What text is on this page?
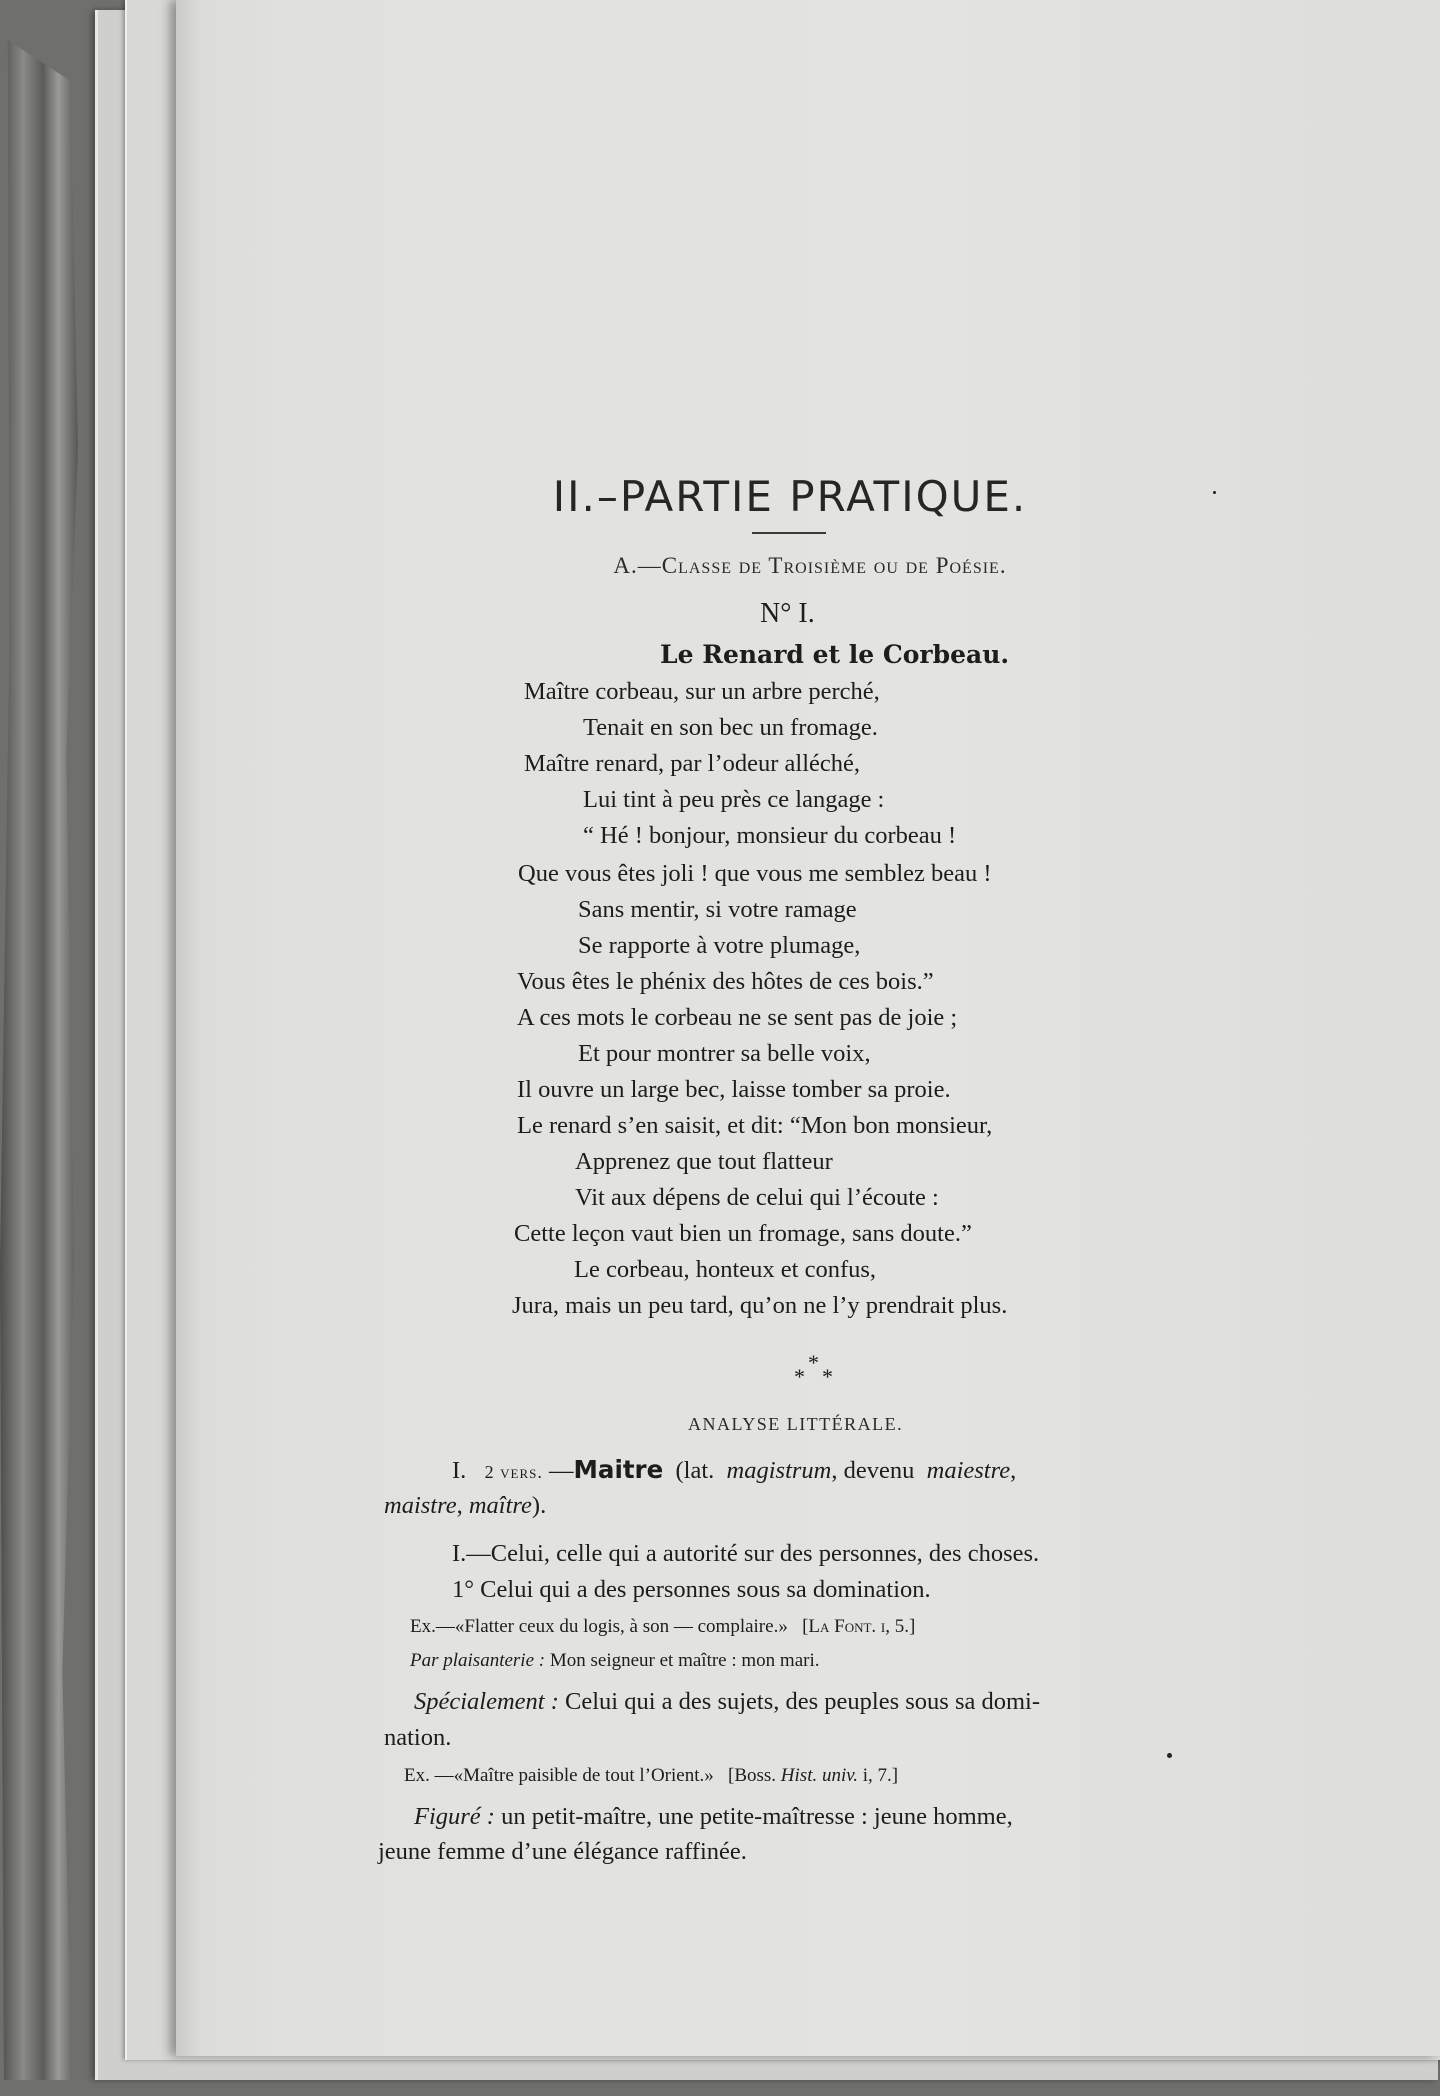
II.–PARTIE PRATIQUE.
A.—Classe de Troisième ou de Poésie.
N° I.
Le Renard et le Corbeau.
Maître corbeau, sur un arbre perché,
Tenait en son bec un fromage.
Maître renard, par l’odeur alléché,
Lui tint à peu près ce langage :
“ Hé ! bonjour, monsieur du corbeau !
Que vous êtes joli ! que vous me semblez beau !
Sans mentir, si votre ramage
Se rapporte à votre plumage,
Vous êtes le phénix des hôtes de ces bois.”
A ces mots le corbeau ne se sent pas de joie ;
Et pour montrer sa belle voix,
Il ouvre un large bec, laisse tomber sa proie.
Le renard s’en saisit, et dit: “Mon bon monsieur,
Apprenez que tout flatteur
Vit aux dépens de celui qui l’écoute :
Cette leçon vaut bien un fromage, sans doute.”
Le corbeau, honteux et confus,
Jura, mais un peu tard, qu’on ne l’y prendrait plus.
*
* *
ANALYSE LITTÉRALE.
I. 2 vers. —Maitre (lat. magistrum, devenu maiestre,
maistre, maître).
I.—Celui, celle qui a autorité sur des personnes, des choses.
1° Celui qui a des personnes sous sa domination.
Ex.—«Flatter ceux du logis, à son — complaire.» [La Font. i, 5.]
Par plaisanterie : Mon seigneur et maître : mon mari.
Spécialement : Celui qui a des sujets, des peuples sous sa domi-
nation.
Ex. —«Maître paisible de tout l’Orient.» [Boss. Hist. univ. i, 7.]
Figuré : un petit-maître, une petite-maîtresse : jeune homme,
jeune femme d’une élégance raffinée.
